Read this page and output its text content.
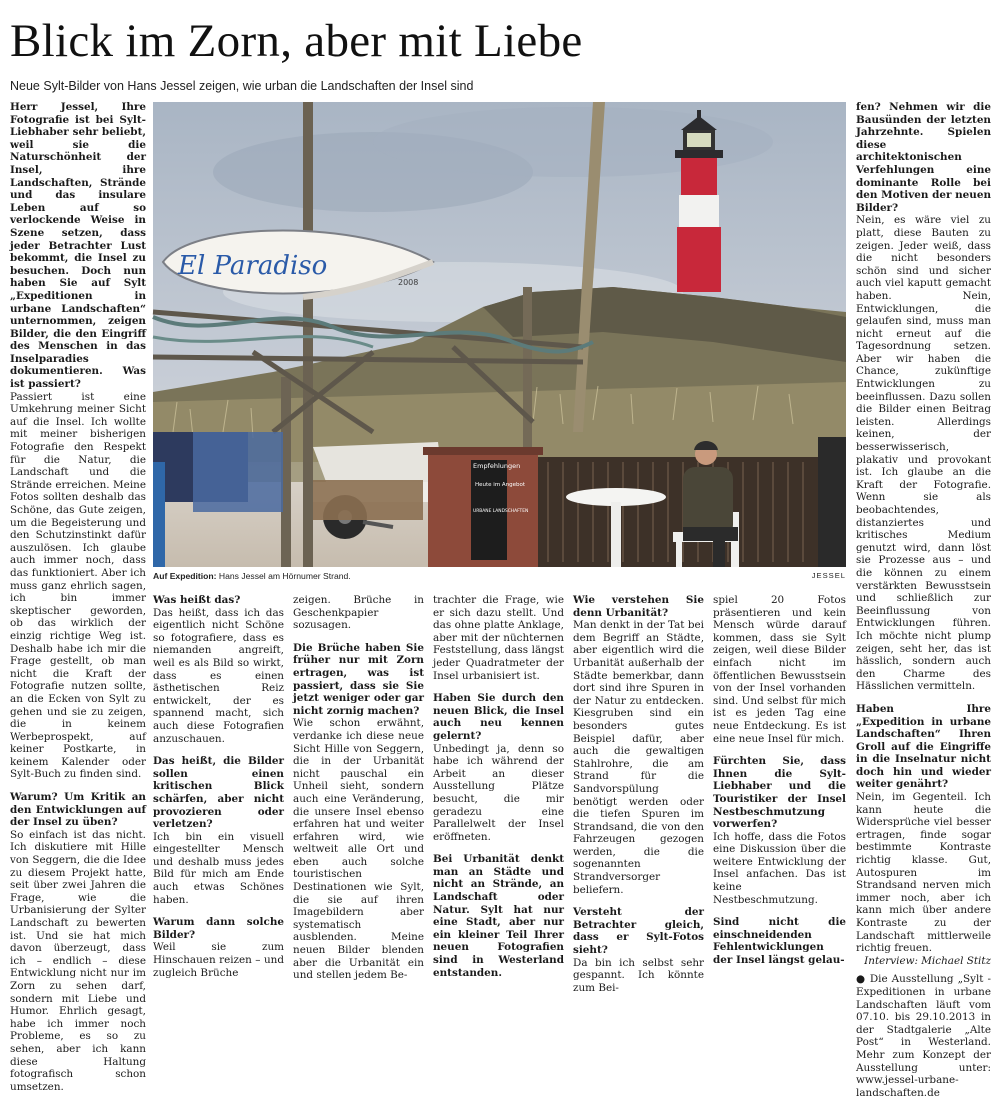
Blick im Zorn, aber mit Liebe
Neue Sylt-Bilder von Hans Jessel zeigen, wie urban die Landschaften der Insel sind

Herr Jessel, Ihre Fotografie ist bei Sylt-Liebhaber sehr beliebt, weil sie die Naturschönheit der Insel, ihre Landschaften, Strände und das insulare Leben auf so verlockende Weise in Szene setzen, dass jeder Betrachter Lust bekommt, die Insel zu besuchen. Doch nun haben Sie auf Sylt „Expeditionen in urbane Landschaften“ unternommen, zeigen Bilder, die den Eingriff des Menschen in das Inselparadies dokumentieren. Was ist passiert?

Passiert ist eine Umkehrung meiner Sicht auf die Insel. Ich wollte mit meiner bisherigen Fotografie den Respekt für die Natur, die Landschaft und die Strände erreichen. Meine Fotos sollten deshalb das Schöne, das Gute zeigen, um die Begeisterung und den Schutzinstinkt dafür auszulösen. Ich glaube auch immer noch, dass das funktioniert. Aber ich muss ganz ehrlich sagen, ich bin immer skeptischer geworden, ob das wirklich der einzig richtige Weg ist. Deshalb habe ich mir die Frage gestellt, ob man nicht die Kraft der Fotografie nutzen sollte, an die Ecken von Sylt zu gehen und sie zu zeigen, die in keinem Werbeprospekt, auf keiner Postkarte, in keinem Kalender oder Sylt-Buch zu finden sind.

Warum? Um Kritik an den Entwicklungen auf der Insel zu üben?

So einfach ist das nicht. Ich diskutiere mit Hille von Seggern, die die Idee zu diesem Projekt hatte, seit über zwei Jahren die Frage, wie die Urbanisierung der Sylter Landschaft zu bewerten ist. Und sie hat mich davon überzeugt, dass ich – endlich – diese Entwicklung nicht nur im Zorn zu sehen darf, sondern mit Liebe und Humor. Ehrlich gesagt, habe ich immer noch Probleme, es so zu sehen, aber ich kann diese Haltung fotografisch schon umsetzen.

El Paradiso
2008
Empfehlungen
Heute im Angebot
URBANE LANDSCHAFTEN
Auf Expedition: Hans Jessel am Hörnumer Strand.	JESSEL

Was heißt das?

Das heißt, dass ich das eigentlich nicht Schöne so fotografiere, dass es niemanden angreift, weil es als Bild so wirkt, dass es einen ästhetischen Reiz entwickelt, der es spannend macht, sich auch diese Fotografien anzuschauen.

Das heißt, die Bilder sollen einen kritischen Blick schärfen, aber nicht provozieren oder verletzen?

Ich bin ein visuell eingestellter Mensch und deshalb muss jedes Bild für mich am Ende auch etwas Schönes haben.

Warum dann solche Bilder?

Weil sie zum Hinschauen reizen – und zugleich Brüche

zeigen. Brüche in Geschenkpapier sozusagen.

Die Brüche haben Sie früher nur mit Zorn ertragen, was ist passiert, dass sie Sie jetzt weniger oder gar nicht zornig machen?

Wie schon erwähnt, verdanke ich diese neue Sicht Hille von Seggern, die in der Urbanität nicht pauschal ein Unheil sieht, sondern auch eine Veränderung, die unsere Insel ebenso erfahren hat und weiter erfahren wird, wie weltweit alle Ort und eben auch solche touristischen Destinationen wie Sylt, die sie auf ihren Imagebildern aber systematisch ausblenden. Meine neuen Bilder blenden aber die Urbanität ein und stellen jedem Be-

trachter die Frage, wie er sich dazu stellt. Und das ohne platte Anklage, aber mit der nüchternen Feststellung, dass längst jeder Quadratmeter der Insel urbanisiert ist.

Haben Sie durch den neuen Blick, die Insel auch neu kennen gelernt?

Unbedingt ja, denn so habe ich während der Arbeit an dieser Ausstellung Plätze besucht, die mir geradezu eine Parallelwelt der Insel eröffneten.

Bei Urbanität denkt man an Städte und nicht an Strände, an Landschaft oder Natur. Sylt hat nur eine Stadt, aber nur ein kleiner Teil Ihrer neuen Fotografien sind in Westerland entstanden.

Wie verstehen Sie denn Urbanität?

Man denkt in der Tat bei dem Begriff an Städte, aber eigentlich wird die Urbanität außerhalb der Städte bemerkbar, dann dort sind ihre Spuren in der Natur zu entdecken. Kiesgruben sind ein besonders gutes Beispiel dafür, aber auch die gewaltigen Stahlrohre, die am Strand für die Sandvorspülung benötigt werden oder die tiefen Spuren im Strandsand, die von den Fahrzeugen gezogen werden, die die sogenannten Strandversorger beliefern.

Versteht der Betrachter gleich, dass er Sylt-Fotos sieht?

Da bin ich selbst sehr gespannt. Ich könnte zum Bei-

spiel 20 Fotos präsentieren und kein Mensch würde darauf kommen, dass sie Sylt zeigen, weil diese Bilder einfach nicht im öffentlichen Bewusstsein von der Insel vorhanden sind. Und selbst für mich ist es jeden Tag eine neue Entdeckung. Es ist eine neue Insel für mich.

Fürchten Sie, dass Ihnen die Sylt-Liebhaber und die Touristiker der Insel Nestbeschmutzung vorwerfen?

Ich hoffe, dass die Fotos eine Diskussion über die weitere Entwicklung der Insel anfachen. Das ist keine Nestbeschmutzung.

Sind nicht die einschneidenden Fehlentwicklungen der Insel längst gelau-

fen? Nehmen wir die Bausünden der letzten Jahrzehnte. Spielen diese architektonischen Verfehlungen eine dominante Rolle bei den Motiven der neuen Bilder?

Nein, es wäre viel zu platt, diese Bauten zu zeigen. Jeder weiß, dass die nicht besonders schön sind und sicher auch viel kaputt gemacht haben. Nein, Entwicklungen, die gelaufen sind, muss man nicht erneut auf die Tagesordnung setzen. Aber wir haben die Chance, zukünftige Entwicklungen zu beeinflussen. Dazu sollen die Bilder einen Beitrag leisten. Allerdings keinen, der besserwisserisch, plakativ und provokant ist. Ich glaube an die Kraft der Fotografie. Wenn sie als beobachtendes, distanziertes und kritisches Medium genutzt wird, dann löst sie Prozesse aus – und die können zu einem verstärkten Bewusstsein und schließlich zur Beeinflussung von Entwicklungen führen. Ich möchte nicht plump zeigen, seht her, das ist hässlich, sondern auch den Charme des Hässlichen vermitteln.

Haben Ihre „Expedition in urbane Landschaften“ Ihren Groll auf die Eingriffe in die Inselnatur nicht doch hin und wieder weiter genährt?

Nein, im Gegenteil. Ich kann heute die Widersprüche viel besser ertragen, finde sogar bestimmte Kontraste richtig klasse. Gut, Autospuren im Strandsand nerven mich immer noch, aber ich kann mich über andere Kontraste zu der Landschaft mittlerweile richtig freuen.

Interview: Michael Stitz

● Die Ausstellung „Sylt - Expeditionen in urbane Landschaften läuft vom 07.10. bis 29.10.2013 in der Stadtgalerie „Alte Post“ in Westerland. Mehr zum Konzept der Ausstellung unter: www.jessel-urbane-landschaften.de
